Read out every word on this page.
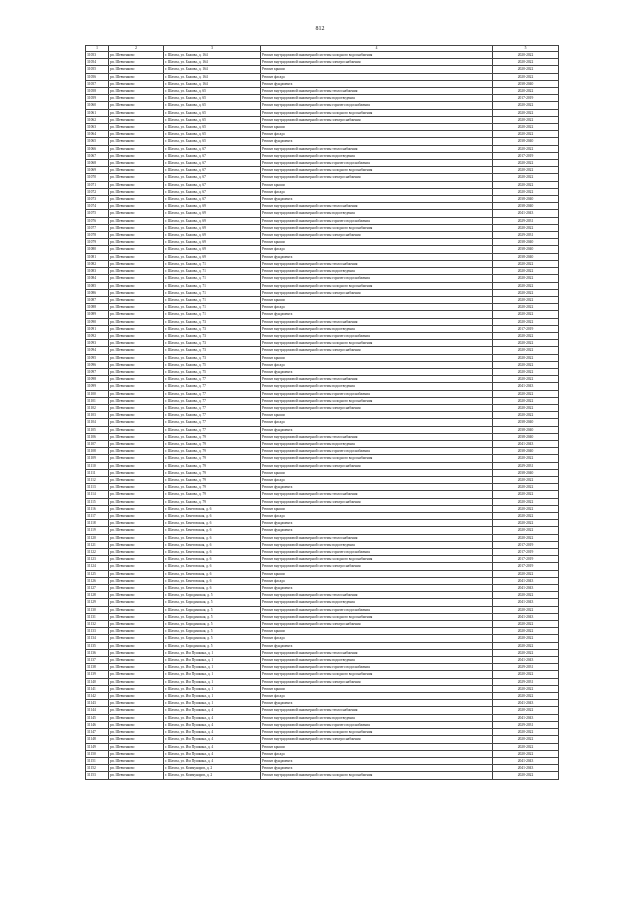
812
1	2	3	4	5
31053	рп. Шевченково	г. Шахты, ул. Бажова, д. 164	Ремонт внутридомовой инженерной системы холодного водоснабжения	2020-2022
31054	рп. Шевченково	г. Шахты, ул. Бажова, д. 164	Ремонт внутридомовой инженерной системы электроснабжения	2020-2022
31055	рп. Шевченково	г. Шахты, ул. Бажова, д. 164	Ремонт крыши	2020-2022
31056	рп. Шевченково	г. Шахты, ул. Бажова, д. 164	Ремонт фасада	2020-2022
31057	рп. Шевченково	г. Шахты, ул. Бажова, д. 164	Ремонт фундамента	2038-2040
31058	рп. Шевченково	г. Шахты, ул. Бажова, д. 65	Ремонт внутридомовой инженерной системы теплоснабжения	2020-2022
31059	рп. Шевченково	г. Шахты, ул. Бажова, д. 65	Ремонт внутридомовой инженерной системы водоотведения	2017-2019
31060	рп. Шевченково	г. Шахты, ул. Бажова, д. 65	Ремонт внутридомовой инженерной системы горячего водоснабжения	2020-2022
31061	рп. Шевченково	г. Шахты, ул. Бажова, д. 65	Ремонт внутридомовой инженерной системы холодного водоснабжения	2020-2022
31062	рп. Шевченково	г. Шахты, ул. Бажова, д. 65	Ремонт внутридомовой инженерной системы электроснабжения	2020-2022
31063	рп. Шевченково	г. Шахты, ул. Бажова, д. 65	Ремонт крыши	2020-2022
31064	рп. Шевченково	г. Шахты, ул. Бажова, д. 65	Ремонт фасада	2020-2022
31065	рп. Шевченково	г. Шахты, ул. Бажова, д. 65	Ремонт фундамента	2038-2040
31066	рп. Шевченково	г. Шахты, ул. Бажова, д. 67	Ремонт внутридомовой инженерной системы теплоснабжения	2020-2022
31067	рп. Шевченково	г. Шахты, ул. Бажова, д. 67	Ремонт внутридомовой инженерной системы водоотведения	2017-2019
31068	рп. Шевченково	г. Шахты, ул. Бажова, д. 67	Ремонт внутридомовой инженерной системы горячего водоснабжения	2020-2022
31069	рп. Шевченково	г. Шахты, ул. Бажова, д. 67	Ремонт внутридомовой инженерной системы холодного водоснабжения	2020-2022
31070	рп. Шевченково	г. Шахты, ул. Бажова, д. 67	Ремонт внутридомовой инженерной системы электроснабжения	2020-2022
31071	рп. Шевченково	г. Шахты, ул. Бажова, д. 67	Ремонт крыши	2020-2022
31072	рп. Шевченково	г. Шахты, ул. Бажова, д. 67	Ремонт фасада	2020-2022
31073	рп. Шевченково	г. Шахты, ул. Бажова, д. 67	Ремонт фундамента	2038-2040
31074	рп. Шевченково	г. Шахты, ул. Бажова, д. 69	Ремонт внутридомовой инженерной системы теплоснабжения	2038-2040
31075	рп. Шевченково	г. Шахты, ул. Бажова, д. 69	Ремонт внутридомовой инженерной системы водоотведения	2041-2043
31076	рп. Шевченково	г. Шахты, ул. Бажова, д. 69	Ремонт внутридомовой инженерной системы горячего водоснабжения	2029-2031
31077	рп. Шевченково	г. Шахты, ул. Бажова, д. 69	Ремонт внутридомовой инженерной системы холодного водоснабжения	2020-2022
31078	рп. Шевченково	г. Шахты, ул. Бажова, д. 69	Ремонт внутридомовой инженерной системы электроснабжения	2029-2031
31079	рп. Шевченково	г. Шахты, ул. Бажова, д. 69	Ремонт крыши	2038-2040
31080	рп. Шевченково	г. Шахты, ул. Бажова, д. 69	Ремонт фасада	2038-2040
31081	рп. Шевченково	г. Шахты, ул. Бажова, д. 69	Ремонт фундамента	2038-2040
31082	рп. Шевченково	г. Шахты, ул. Бажова, д. 71	Ремонт внутридомовой инженерной системы теплоснабжения	2020-2022
31083	рп. Шевченково	г. Шахты, ул. Бажова, д. 71	Ремонт внутридомовой инженерной системы водоотведения	2020-2022
31084	рп. Шевченково	г. Шахты, ул. Бажова, д. 71	Ремонт внутридомовой инженерной системы горячего водоснабжения	2020-2022
31085	рп. Шевченково	г. Шахты, ул. Бажова, д. 71	Ремонт внутридомовой инженерной системы холодного водоснабжения	2020-2022
31086	рп. Шевченково	г. Шахты, ул. Бажова, д. 71	Ремонт внутридомовой инженерной системы электроснабжения	2020-2022
31087	рп. Шевченково	г. Шахты, ул. Бажова, д. 71	Ремонт крыши	2020-2022
31088	рп. Шевченково	г. Шахты, ул. Бажова, д. 71	Ремонт фасада	2020-2022
31089	рп. Шевченково	г. Шахты, ул. Бажова, д. 71	Ремонт фундамента	2020-2022
31090	рп. Шевченково	г. Шахты, ул. Бажова, д. 73	Ремонт внутридомовой инженерной системы теплоснабжения	2020-2022
31091	рп. Шевченково	г. Шахты, ул. Бажова, д. 73	Ремонт внутридомовой инженерной системы водоотведения	2017-2019
31092	рп. Шевченково	г. Шахты, ул. Бажова, д. 73	Ремонт внутридомовой инженерной системы горячего водоснабжения	2020-2022
31093	рп. Шевченково	г. Шахты, ул. Бажова, д. 73	Ремонт внутридомовой инженерной системы холодного водоснабжения	2020-2022
31094	рп. Шевченково	г. Шахты, ул. Бажова, д. 73	Ремонт внутридомовой инженерной системы электроснабжения	2020-2022
31095	рп. Шевченково	г. Шахты, ул. Бажова, д. 73	Ремонт крыши	2020-2022
31096	рп. Шевченково	г. Шахты, ул. Бажова, д. 75	Ремонт фасада	2020-2022
31097	рп. Шевченково	г. Шахты, ул. Бажова, д. 75	Ремонт фундамента	2020-2022
31098	рп. Шевченково	г. Шахты, ул. Бажова, д. 77	Ремонт внутридомовой инженерной системы теплоснабжения	2020-2022
31099	рп. Шевченково	г. Шахты, ул. Бажова, д. 77	Ремонт внутридомовой инженерной системы водоотведения	2041-2043
31100	рп. Шевченково	г. Шахты, ул. Бажова, д. 77	Ремонт внутридомовой инженерной системы горячего водоснабжения	2020-2022
31101	рп. Шевченково	г. Шахты, ул. Бажова, д. 77	Ремонт внутридомовой инженерной системы холодного водоснабжения	2020-2022
31102	рп. Шевченково	г. Шахты, ул. Бажова, д. 77	Ремонт внутридомовой инженерной системы электроснабжения	2020-2022
31103	рп. Шевченково	г. Шахты, ул. Бажова, д. 77	Ремонт крыши	2020-2022
31104	рп. Шевченково	г. Шахты, ул. Бажова, д. 77	Ремонт фасада	2038-2040
31105	рп. Шевченково	г. Шахты, ул. Бажова, д. 77	Ремонт фундамента	2038-2040
31106	рп. Шевченково	г. Шахты, ул. Бажова, д. 79	Ремонт внутридомовой инженерной системы теплоснабжения	2038-2040
31107	рп. Шевченково	г. Шахты, ул. Бажова, д. 79	Ремонт внутридомовой инженерной системы водоотведения	2041-2043
31108	рп. Шевченково	г. Шахты, ул. Бажова, д. 79	Ремонт внутридомовой инженерной системы горячего водоснабжения	2038-2040
31109	рп. Шевченково	г. Шахты, ул. Бажова, д. 79	Ремонт внутридомовой инженерной системы холодного водоснабжения	2020-2022
31110	рп. Шевченково	г. Шахты, ул. Бажова, д. 79	Ремонт внутридомовой инженерной системы электроснабжения	2029-2031
31111	рп. Шевченково	г. Шахты, ул. Бажова, д. 79	Ремонт крыши	2038-2040
31112	рп. Шевченково	г. Шахты, ул. Бажова, д. 79	Ремонт фасада	2020-2022
31113	рп. Шевченково	г. Шахты, ул. Бажова, д. 79	Ремонт фундамента	2020-2022
31114	рп. Шевченково	г. Шахты, ул. Бажова, д. 79	Ремонт внутридомовой инженерной системы теплоснабжения	2020-2022
31115	рп. Шевченково	г. Шахты, ул. Бажова, д. 79	Ремонт внутридомовой инженерной системы электроснабжения	2020-2022
31116	рп. Шевченково	г. Шахты, ул. Бекетовская, д. 6	Ремонт крыши	2020-2022
31117	рп. Шевченково	г. Шахты, ул. Бекетовская, д. 6	Ремонт фасада	2020-2022
31118	рп. Шевченково	г. Шахты, ул. Бекетовская, д. 6	Ремонт фундамента	2020-2022
31119	рп. Шевченково	г. Шахты, ул. Бекетовская, д. 6	Ремонт фундамента	2020-2022
31120	рп. Шевченково	г. Шахты, ул. Бекетовская, д. 6	Ремонт внутридомовой инженерной системы теплоснабжения	2020-2022
31121	рп. Шевченково	г. Шахты, ул. Бекетовская, д. 6	Ремонт внутридомовой инженерной системы водоотведения	2017-2019
31122	рп. Шевченково	г. Шахты, ул. Бекетовская, д. 6	Ремонт внутридомовой инженерной системы горячего водоснабжения	2017-2019
31123	рп. Шевченково	г. Шахты, ул. Бекетовская, д. 6	Ремонт внутридомовой инженерной системы холодного водоснабжения	2017-2019
31124	рп. Шевченково	г. Шахты, ул. Бекетовская, д. 6	Ремонт внутридомовой инженерной системы электроснабжения	2017-2019
31125	рп. Шевченково	г. Шахты, ул. Бекетовская, д. 6	Ремонт крыши	2020-2022
31126	рп. Шевченково	г. Шахты, ул. Бекетовская, д. 6	Ремонт фасада	2041-2043
31127	рп. Шевченково	г. Шахты, ул. Бекетовская, д. 6	Ремонт фундамента	2041-2043
31128	рп. Шевченково	г. Шахты, ул. Бородинская, д. 5	Ремонт внутридомовой инженерной системы теплоснабжения	2020-2022
31129	рп. Шевченково	г. Шахты, ул. Бородинская, д. 5	Ремонт внутридомовой инженерной системы водоотведения	2041-2043
31130	рп. Шевченково	г. Шахты, ул. Бородинская, д. 5	Ремонт внутридомовой инженерной системы горячего водоснабжения	2020-2022
31131	рп. Шевченково	г. Шахты, ул. Бородинская, д. 5	Ремонт внутридомовой инженерной системы холодного водоснабжения	2041-2043
31132	рп. Шевченково	г. Шахты, ул. Бородинская, д. 5	Ремонт внутридомовой инженерной системы электроснабжения	2020-2022
31133	рп. Шевченково	г. Шахты, ул. Бородинская, д. 5	Ремонт крыши	2020-2022
31134	рп. Шевченково	г. Шахты, ул. Бородинская, д. 5	Ремонт фасада	2020-2022
31135	рп. Шевченково	г. Шахты, ул. Бородинская, д. 5	Ремонт фундамента	2020-2022
31136	рп. Шевченково	г. Шахты, ул. Им Пушкина, д. 1	Ремонт внутридомовой инженерной системы теплоснабжения	2020-2022
31137	рп. Шевченково	г. Шахты, ул. Им Пушкина, д. 1	Ремонт внутридомовой инженерной системы водоотведения	2041-2043
31138	рп. Шевченково	г. Шахты, ул. Им Пушкина, д. 1	Ремонт внутридомовой инженерной системы горячего водоснабжения	2029-2031
31139	рп. Шевченково	г. Шахты, ул. Им Пушкина, д. 1	Ремонт внутридомовой инженерной системы холодного водоснабжения	2020-2022
31140	рп. Шевченково	г. Шахты, ул. Им Пушкина, д. 1	Ремонт внутридомовой инженерной системы электроснабжения	2029-2031
31141	рп. Шевченково	г. Шахты, ул. Им Пушкина, д. 1	Ремонт крыши	2020-2022
31142	рп. Шевченково	г. Шахты, ул. Им Пушкина, д. 1	Ремонт фасада	2020-2022
31143	рп. Шевченково	г. Шахты, ул. Им Пушкина, д. 1	Ремонт фундамента	2041-2043
31144	рп. Шевченково	г. Шахты, ул. Им Пушкина, д. 4	Ремонт внутридомовой инженерной системы теплоснабжения	2020-2022
31145	рп. Шевченково	г. Шахты, ул. Им Пушкина, д. 4	Ремонт внутридомовой инженерной системы водоотведения	2041-2043
31146	рп. Шевченково	г. Шахты, ул. Им Пушкина, д. 4	Ремонт внутридомовой инженерной системы горячего водоснабжения	2029-2031
31147	рп. Шевченково	г. Шахты, ул. Им Пушкина, д. 4	Ремонт внутридомовой инженерной системы холодного водоснабжения	2020-2022
31148	рп. Шевченково	г. Шахты, ул. Им Пушкина, д. 4	Ремонт внутридомовой инженерной системы электроснабжения	2020-2022
31149	рп. Шевченково	г. Шахты, ул. Им Пушкина, д. 4	Ремонт крыши	2020-2022
31150	рп. Шевченково	г. Шахты, ул. Им Пушкина, д. 4	Ремонт фасада	2020-2022
31151	рп. Шевченково	г. Шахты, ул. Им Пушкина, д. 4	Ремонт фундамента	2041-2043
31152	рп. Шевченково	г. Шахты, ул. Коммунаров, д. 2	Ремонт фундамента	2041-2043
31153	рп. Шевченково	г. Шахты, ул. Коммунаров, д. 2	Ремонт внутридомовой инженерной системы холодного водоснабжения	2020-2022
